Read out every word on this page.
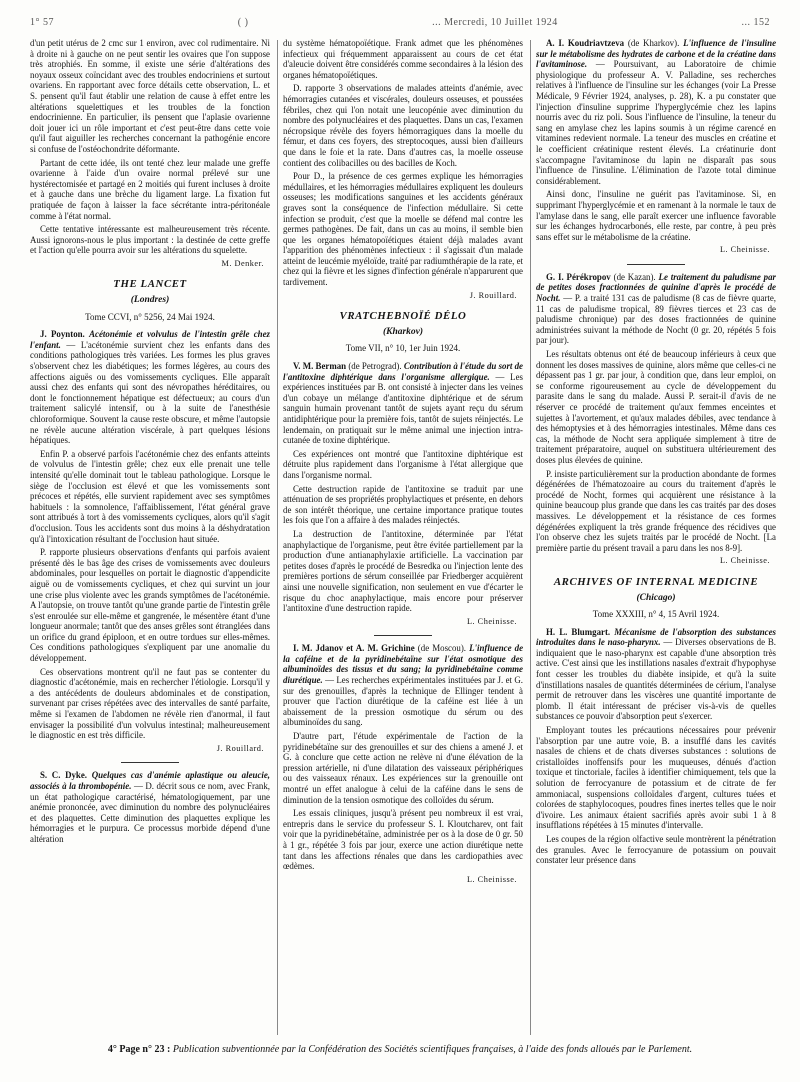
1° 57	( )	... Mercredi, 10 Juillet 1924	... 152

d'un petit utérus de 2 cmc sur 1 environ, avec col rudimentaire. Ni à droite ni à gauche on ne peut sentir les ovaires que l'on suppose très atrophiés. En somme, il existe une série d'altérations des noyaux osseux coïncidant avec des troubles endocriniens et surtout ovariens. En rapportant avec force détails cette observation, L. et S. pensent qu'il faut établir une relation de cause à effet entre les altérations squelettiques et les troubles de la fonction endocrinienne. En particulier, ils pensent que l'aplasie ovarienne doit jouer ici un rôle important et c'est peut-être dans cette voie qu'il faut aiguiller les recherches concernant la pathogénie encore si confuse de l'ostéochondrite déformante.

Partant de cette idée, ils ont tenté chez leur malade une greffe ovarienne à l'aide d'un ovaire normal prélevé sur une hystérectomisée et partagé en 2 moitiés qui furent incluses à droite et à gauche dans une brèche du ligament large. La fixation fut pratiquée de façon à laisser la face sécrétante intra-péritonéale comme à l'état normal.

Cette tentative intéressante est malheureusement très récente. Aussi ignorons-nous le plus important : la destinée de cette greffe et l'action qu'elle pourra avoir sur les altérations du squelette.

M. Denker.

THE LANCET
(Londres)
Tome CCVI, n° 5256, 24 Mai 1924.

J. Poynton. Acétonémie et volvulus de l'intestin grêle chez l'enfant. — L'acétonémie survient chez les enfants dans des conditions pathologiques très variées. Les formes les plus graves s'observent chez les diabétiques; les formes légères, au cours des affections aiguës ou des vomissements cycliques. Elle apparaît aussi chez des enfants qui sont des névropathes héréditaires, ou dont le fonctionnement hépatique est défectueux; au cours d'un traitement salicylé intensif, ou à la suite de l'anesthésie chloroformique. Souvent la cause reste obscure, et même l'autopsie ne révèle aucune altération viscérale, à part quelques lésions hépatiques.

Enfin P. a observé parfois l'acétonémie chez des enfants atteints de volvulus de l'intestin grêle; chez eux elle prenait une telle intensité qu'elle dominait tout le tableau pathologique. Lorsque le siège de l'occlusion est élevé et que les vomissements sont précoces et répétés, elle survient rapidement avec ses symptômes habituels : la somnolence, l'affaiblissement, l'état général grave sont attribués à tort à des vomissements cycliques, alors qu'il s'agit d'occlusion. Tous les accidents sont dus moins à la déshydratation qu'à l'intoxication résultant de l'occlusion haut située.

P. rapporte plusieurs observations d'enfants qui parfois avaient présenté dès le bas âge des crises de vomissements avec douleurs abdominales, pour lesquelles on portait le diagnostic d'appendicite aiguë ou de vomissements cycliques, et chez qui survint un jour une crise plus violente avec les grands symptômes de l'acétonémie. A l'autopsie, on trouve tantôt qu'une grande partie de l'intestin grêle s'est enroulée sur elle-même et gangrenée, le mésentère étant d'une longueur anormale; tantôt que des anses grêles sont étranglées dans un orifice du grand épiploon, et en outre tordues sur elles-mêmes. Ces conditions pathologiques s'expliquent par une anomalie du développement.

Ces observations montrent qu'il ne faut pas se contenter du diagnostic d'acétonémie, mais en rechercher l'étiologie. Lorsqu'il y a des antécédents de douleurs abdominales et de constipation, survenant par crises répétées avec des intervalles de santé parfaite, même si l'examen de l'abdomen ne révèle rien d'anormal, il faut envisager la possibilité d'un volvulus intestinal; malheureusement le diagnostic en est très difficile.

J. Rouillard.

S. C. Dyke. Quelques cas d'anémie aplastique ou aleucie, associés à la thrombopénie. — D. décrit sous ce nom, avec Frank, un état pathologique caractérisé, hématologiquement, par une anémie prononcée, avec diminution du nombre des polynucléaires et des plaquettes. Cette diminution des plaquettes explique les hémorragies et le purpura. Ce processus morbide dépend d'une altération

du système hématopoïétique. Frank admet que les phénomènes infectieux qui fréquemment apparaissent au cours de cet état d'aleucie doivent être considérés comme secondaires à la lésion des organes hématopoïétiques.

D. rapporte 3 observations de malades atteints d'anémie, avec hémorragies cutanées et viscérales, douleurs osseuses, et poussées fébriles, chez qui l'on notait une leucopénie avec diminution du nombre des polynucléaires et des plaquettes. Dans un cas, l'examen nécropsique révèle des foyers hémorragiques dans la moelle du fémur, et dans ces foyers, des streptocoques, aussi bien d'ailleurs que dans le foie et la rate. Dans d'autres cas, la moelle osseuse contient des colibacilles ou des bacilles de Koch.

Pour D., la présence de ces germes explique les hémorragies médullaires, et les hémorragies médullaires expliquent les douleurs osseuses; les modifications sanguines et les accidents généraux graves sont la conséquence de l'infection médullaire. Si cette infection se produit, c'est que la moelle se défend mal contre les germes pathogènes. De fait, dans un cas au moins, il semble bien que les organes hématopoïétiques étaient déjà malades avant l'apparition des phénomènes infectieux : il s'agissait d'un malade atteint de leucémie myéloïde, traité par radiumthérapie de la rate, et chez qui la fièvre et les signes d'infection générale n'apparurent que tardivement.

J. Rouillard.

VRATCHEBNOÏÉ DÉLO
(Kharkov)
Tome VII, n° 10, 1er Juin 1924.

V. M. Berman (de Petrograd). Contribution à l'étude du sort de l'antitoxine diphtérique dans l'organisme allergique. — Les expériences instituées par B. ont consisté à injecter dans les veines d'un cobaye un mélange d'antitoxine diphtérique et de sérum sanguin humain provenant tantôt de sujets ayant reçu du sérum antidiphtérique pour la première fois, tantôt de sujets réinjectés. Le lendemain, on pratiquait sur le même animal une injection intra-cutanée de toxine diphtérique.

Ces expériences ont montré que l'antitoxine diphtérique est détruite plus rapidement dans l'organisme à l'état allergique que dans l'organisme normal.

Cette destruction rapide de l'antitoxine se traduit par une atténuation de ses propriétés prophylactiques et présente, en dehors de son intérêt théorique, une certaine importance pratique toutes les fois que l'on a affaire à des malades réinjectés.

La destruction de l'antitoxine, déterminée par l'état anaphylactique de l'organisme, peut être évitée partiellement par la production d'une antianaphylaxie artificielle. La vaccination par petites doses d'après le procédé de Besredka ou l'injection lente des premières portions de sérum conseillée par Friedberger acquièrent ainsi une nouvelle signification, non seulement en vue d'écarter le risque du choc anaphylactique, mais encore pour préserver l'antitoxine d'une destruction rapide.

L. Cheinisse.

I. M. Jdanov et A. M. Grichine (de Moscou). L'influence de la caféine et de la pyridinebétaïne sur l'état osmotique des albuminoïdes des tissus et du sang; la pyridinebétaïne comme diurétique. — Les recherches expérimentales instituées par J. et G. sur des grenouilles, d'après la technique de Ellinger tendent à prouver que l'action diurétique de la caféine est liée à un abaissement de la pression osmotique du sérum ou des albuminoïdes du sang.

D'autre part, l'étude expérimentale de l'action de la pyridinebétaïne sur des grenouilles et sur des chiens a amené J. et G. à conclure que cette action ne relève ni d'une élévation de la pression artérielle, ni d'une dilatation des vaisseaux périphériques ou des vaisseaux rénaux. Les expériences sur la grenouille ont montré un effet analogue à celui de la caféine dans le sens de diminution de la tension osmotique des colloïdes du sérum.

Les essais cliniques, jusqu'à présent peu nombreux il est vrai, entrepris dans le service du professeur S. I. Kloutcharev, ont fait voir que la pyridinebétaïne, administrée per os à la dose de 0 gr. 50 à 1 gr., répétée 3 fois par jour, exerce une action diurétique nette tant dans les affections rénales que dans les cardiopathies avec œdèmes.

L. Cheinisse.

A. I. Koudriavtzeva (de Kharkov). L'influence de l'insuline sur le métabolisme des hydrates de carbone et de la créatine dans l'avitaminose. — Poursuivant, au Laboratoire de chimie physiologique du professeur A. V. Palladine, ses recherches relatives à l'influence de l'insuline sur les échanges (voir La Presse Médicale, 9 Février 1924, analyses, p. 28), K. a pu constater que l'injection d'insuline supprime l'hyperglycémie chez les lapins nourris avec du riz poli. Sous l'influence de l'insuline, la teneur du sang en amylase chez les lapins soumis à un régime carencé en vitamines redevient normale. La teneur des muscles en créatine et le coefficient créatinique restent élevés. La créatinurie dont s'accompagne l'avitaminose du lapin ne disparaît pas sous l'influence de l'insuline. L'élimination de l'azote total diminue considérablement.

Ainsi donc, l'insuline ne guérit pas l'avitaminose. Si, en supprimant l'hyperglycémie et en ramenant à la normale le taux de l'amylase dans le sang, elle paraît exercer une influence favorable sur les échanges hydrocarbonés, elle reste, par contre, à peu près sans effet sur le métabolisme de la créatine.

L. Cheinisse.

G. I. Pérékropov (de Kazan). Le traitement du paludisme par de petites doses fractionnées de quinine d'après le procédé de Nocht. — P. a traité 131 cas de paludisme (8 cas de fièvre quarte, 11 cas de paludisme tropical, 89 fièvres tierces et 23 cas de paludisme chronique) par des doses fractionnées de quinine administrées suivant la méthode de Nocht (0 gr. 20, répétés 5 fois par jour).

Les résultats obtenus ont été de beaucoup inférieurs à ceux que donnent les doses massives de quinine, alors même que celles-ci ne dépassent pas 1 gr. par jour, à condition que, dans leur emploi, on se conforme rigoureusement au cycle de développement du parasite dans le sang du malade. Aussi P. serait-il d'avis de ne réserver ce procédé de traitement qu'aux femmes enceintes et sujettes à l'avortement, et qu'aux malades débiles, avec tendance à des hémoptysies et à des hémorragies intestinales. Même dans ces cas, la méthode de Nocht sera appliquée simplement à titre de traitement préparatoire, auquel on substituera ultérieurement des doses plus élevées de quinine.

P. insiste particulièrement sur la production abondante de formes dégénérées de l'hématozoaire au cours du traitement d'après le procédé de Nocht, formes qui acquièrent une résistance à la quinine beaucoup plus grande que dans les cas traités par des doses massives. Le développement et la résistance de ces formes dégénérées expliquent la très grande fréquence des récidives que l'on observe chez les sujets traités par le procédé de Nocht. [La première partie du présent travail a paru dans les nos 8-9].

L. Cheinisse.

ARCHIVES OF INTERNAL MEDICINE
(Chicago)
Tome XXXIII, n° 4, 15 Avril 1924.

H. L. Blumgart. Mécanisme de l'absorption des substances introduites dans le naso-pharynx. — Diverses observations de B. indiquaient que le naso-pharynx est capable d'une absorption très active. C'est ainsi que les instillations nasales d'extrait d'hypophyse font cesser les troubles du diabète insipide, et qu'à la suite d'instillations nasales de quantités déterminées de cérium, l'analyse permit de retrouver dans les viscères une quantité importante de plomb. Il était intéressant de préciser vis-à-vis de quelles substances ce pouvoir d'absorption peut s'exercer.

Employant toutes les précautions nécessaires pour prévenir l'absorption par une autre voie, B. a insufflé dans les cavités nasales de chiens et de chats diverses substances : solutions de cristalloïdes inoffensifs pour les muqueuses, dénués d'action toxique et tinctoriale, faciles à identifier chimiquement, tels que la solution de ferrocyanure de potassium et de citrate de fer ammoniacal, suspensions colloïdales d'argent, cultures tuées et colorées de staphylocoques, poudres fines inertes telles que le noir d'ivoire. Les animaux étaient sacrifiés après avoir subi 1 à 8 insufflations répétées à 15 minutes d'intervalle.

Les coupes de la région olfactive seule montrèrent la pénétration des granules. Avec le ferrocyanure de potassium on pouvait constater leur présence dans

4° Page n° 23 : Publication subventionnée par la Confédération des Sociétés scientifiques françaises, à l'aide des fonds alloués par le Parlement.
